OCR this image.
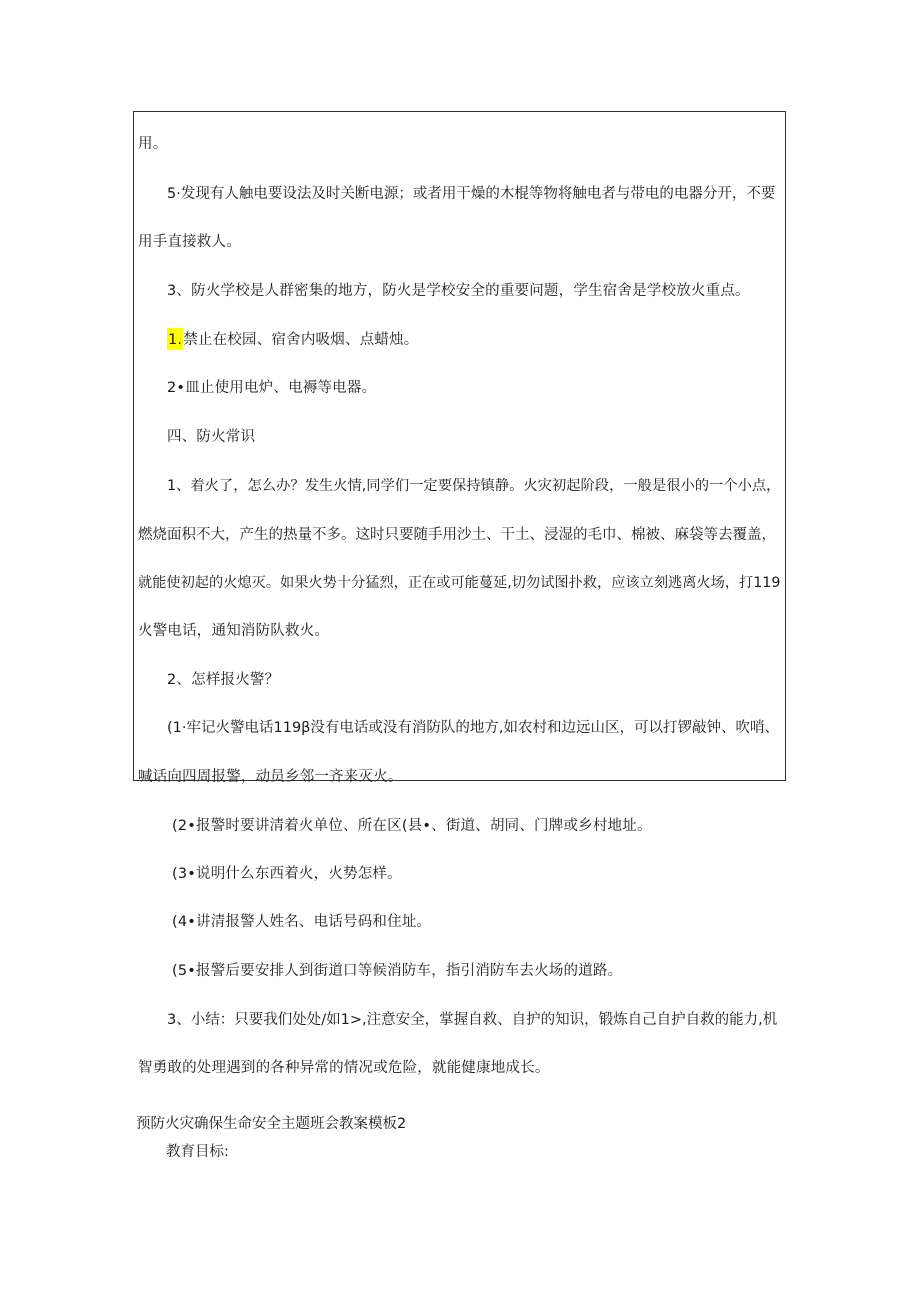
用。
5·发现有人触电要设法及时关断电源；或者用干燥的木棍等物将触电者与带电的电器分开，不要
用手直接救人。
3、防火学校是人群密集的地方，防火是学校安全的重要问题，学生宿舍是学校放火重点。
1.禁止在校园、宿舍内吸烟、点蜡烛。
2•皿止使用电炉、电褥等电器。
四、防火常识
1、着火了，怎么办？发生火情,同学们一定要保持镇静。火灾初起阶段，一般是很小的一个小点，
燃烧面积不大，产生的热量不多。这时只要随手用沙土、干土、浸湿的毛巾、棉被、麻袋等去覆盖，
就能使初起的火熄灭。如果火势十分猛烈，正在或可能蔓延,切勿试图扑救，应该立刻逃离火场，打119
火警电话，通知消防队救火。
2、怎样报火警？
(1·牢记火警电话119β没有电话或没有消防队的地方,如农村和边远山区，可以打锣敲钟、吹哨、
喊话向四周报警，动员乡邻一齐来灭火。
(2•报警时要讲清着火单位、所在区(县•、街道、胡同、门牌或乡村地址。
(3•说明什么东西着火，火势怎样。
(4•讲清报警人姓名、电话号码和住址。
(5•报警后要安排人到街道口等候消防车，指引消防车去火场的道路。
3、小结：只要我们处处/如1>,注意安全，掌握自救、自护的知识，锻炼自己自护自救的能力,机
智勇敢的处理遇到的各种异常的情况或危险，就能健康地成长。
预防火灾确保生命安全主题班会教案模板2
教育目标:
